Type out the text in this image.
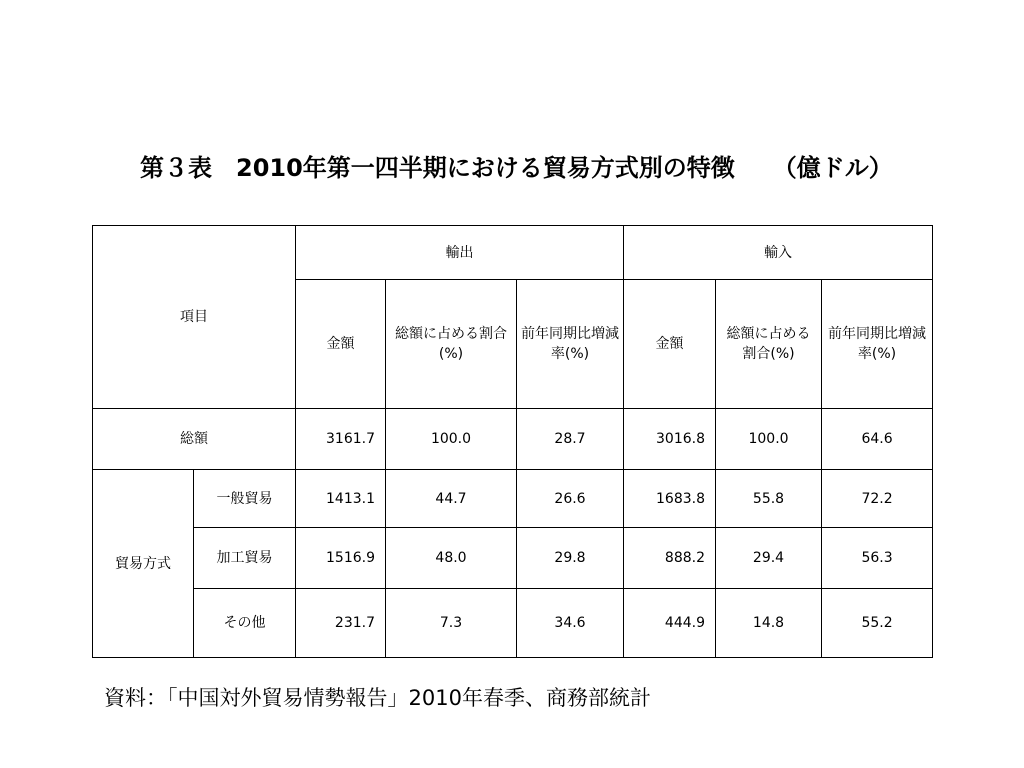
第３表　2010年第一四半期における貿易方式別の特徴 （億ドル）
項目		輸出			輸入		
		金額	総額に占める割合(%)	前年同期比増減率(%)	金額	総額に占める割合(%)	前年同期比増減率(%)
総額		3161.7	100.0	28.7	3016.8	100.0	64.6
貿易方式	一般貿易	1413.1	44.7	26.6	1683.8	55.8	72.2
	加工貿易	1516.9	48.0	29.8	888.2	29.4	56.3
	その他	231.7	7.3	34.6	444.9	14.8	55.2
資料：「中国対外貿易情勢報告」2010年春季、商務部統計
